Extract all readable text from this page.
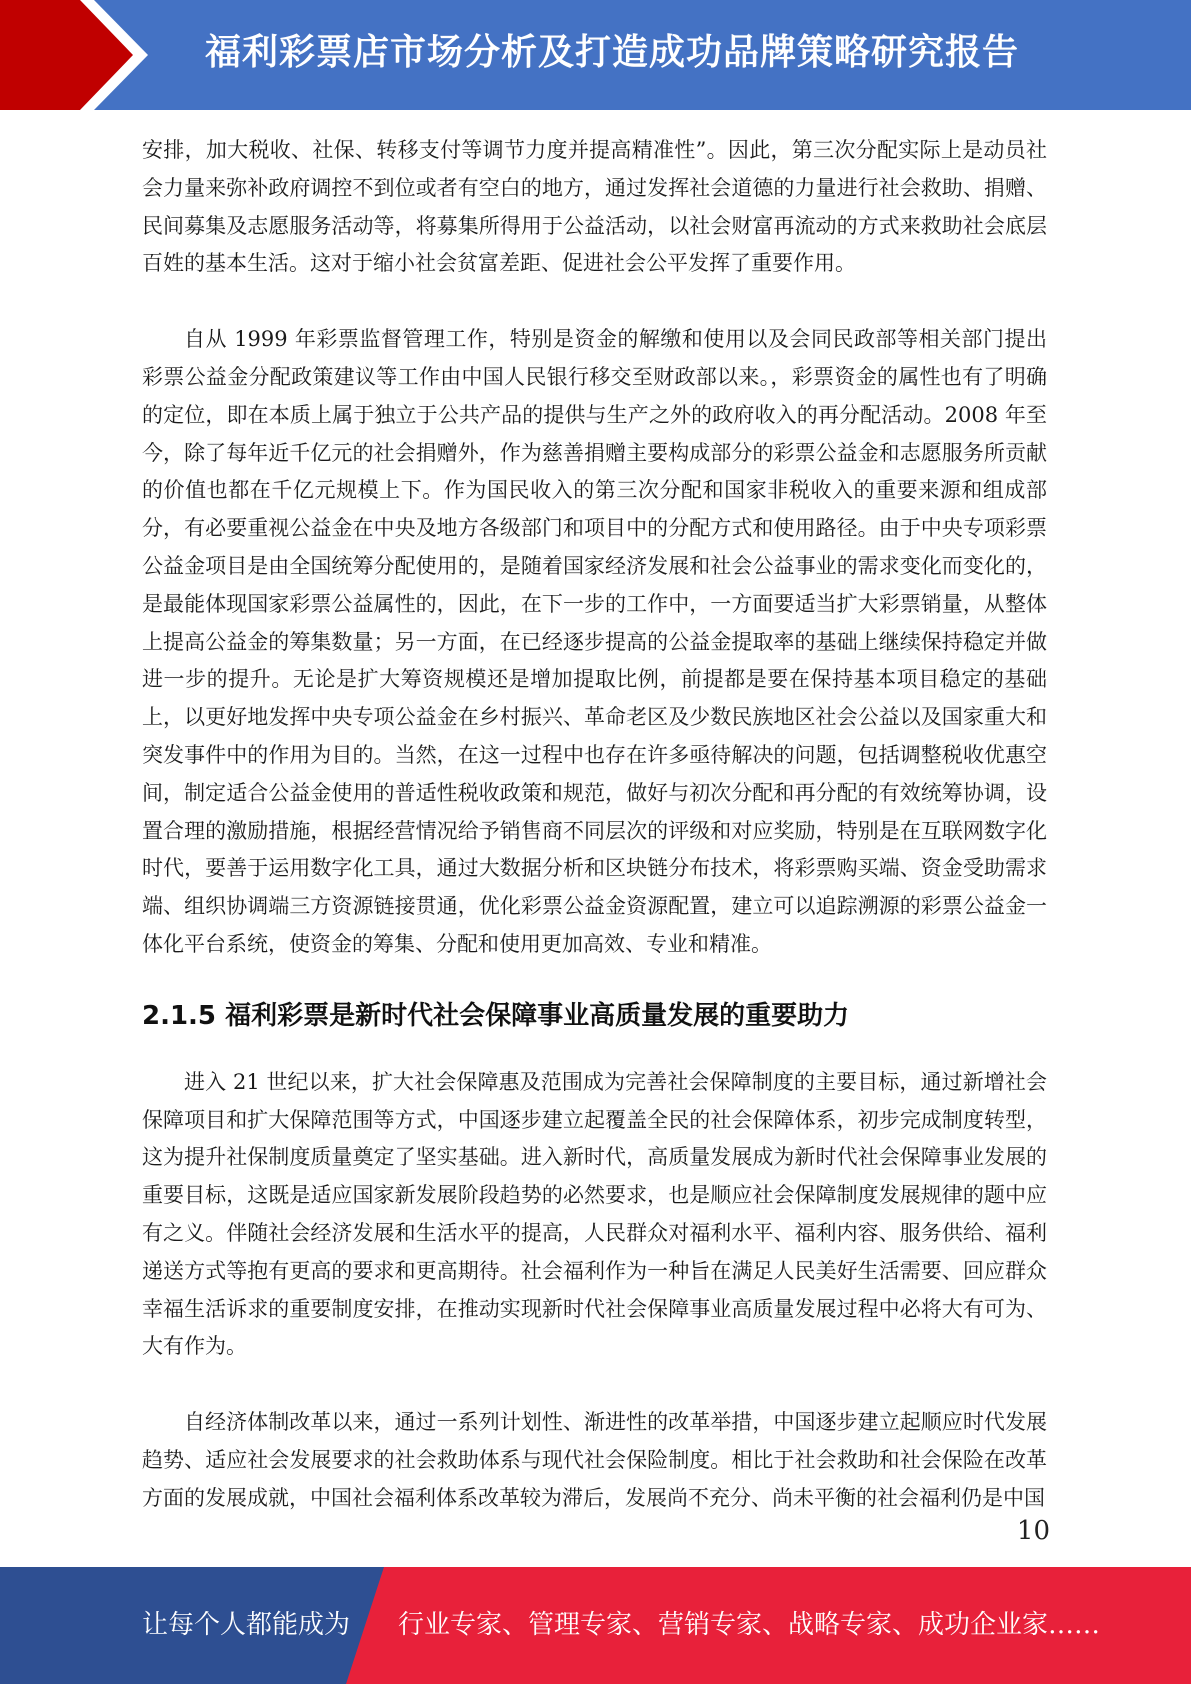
福利彩票店市场分析及打造成功品牌策略研究报告

安排，加大税收、社保、转移支付等调节力度并提高精准性”。因此，第三次分配实际上是动员社会力量来弥补政府调控不到位或者有空白的地方，通过发挥社会道德的力量进行社会救助、捐赠、民间募集及志愿服务活动等，将募集所得用于公益活动，以社会财富再流动的方式来救助社会底层百姓的基本生活。这对于缩小社会贫富差距、促进社会公平发挥了重要作用。

自从 1999 年彩票监督管理工作，特别是资金的解缴和使用以及会同民政部等相关部门提出彩票公益金分配政策建议等工作由中国人民银行移交至财政部以来。，彩票资金的属性也有了明确的定位，即在本质上属于独立于公共产品的提供与生产之外的政府收入的再分配活动。2008 年至今，除了每年近千亿元的社会捐赠外，作为慈善捐赠主要构成部分的彩票公益金和志愿服务所贡献的价值也都在千亿元规模上下。作为国民收入的第三次分配和国家非税收入的重要来源和组成部分，有必要重视公益金在中央及地方各级部门和项目中的分配方式和使用路径。由于中央专项彩票公益金项目是由全国统筹分配使用的，是随着国家经济发展和社会公益事业的需求变化而变化的，是最能体现国家彩票公益属性的，因此，在下一步的工作中，一方面要适当扩大彩票销量，从整体上提高公益金的筹集数量；另一方面，在已经逐步提高的公益金提取率的基础上继续保持稳定并做进一步的提升。无论是扩大筹资规模还是增加提取比例，前提都是要在保持基本项目稳定的基础上，以更好地发挥中央专项公益金在乡村振兴、革命老区及少数民族地区社会公益以及国家重大和突发事件中的作用为目的。当然，在这一过程中也存在许多亟待解决的问题，包括调整税收优惠空间，制定适合公益金使用的普适性税收政策和规范，做好与初次分配和再分配的有效统筹协调，设置合理的激励措施，根据经营情况给予销售商不同层次的评级和对应奖励，特别是在互联网数字化时代，要善于运用数字化工具，通过大数据分析和区块链分布技术，将彩票购买端、资金受助需求端、组织协调端三方资源链接贯通，优化彩票公益金资源配置，建立可以追踪溯源的彩票公益金一体化平台系统，使资金的筹集、分配和使用更加高效、专业和精准。

2.1.5 福利彩票是新时代社会保障事业高质量发展的重要助力

进入 21 世纪以来，扩大社会保障惠及范围成为完善社会保障制度的主要目标，通过新增社会保障项目和扩大保障范围等方式，中国逐步建立起覆盖全民的社会保障体系，初步完成制度转型，这为提升社保制度质量奠定了坚实基础。进入新时代，高质量发展成为新时代社会保障事业发展的重要目标，这既是适应国家新发展阶段趋势的必然要求，也是顺应社会保障制度发展规律的题中应有之义。伴随社会经济发展和生活水平的提高，人民群众对福利水平、福利内容、服务供给、福利递送方式等抱有更高的要求和更高期待。社会福利作为一种旨在满足人民美好生活需要、回应群众幸福生活诉求的重要制度安排，在推动实现新时代社会保障事业高质量发展过程中必将大有可为、大有作为。

自经济体制改革以来，通过一系列计划性、渐进性的改革举措，中国逐步建立起顺应时代发展趋势、适应社会发展要求的社会救助体系与现代社会保险制度。相比于社会救助和社会保险在改革方面的发展成就，中国社会福利体系改革较为滞后，发展尚不充分、尚未平衡的社会福利仍是中国

10
让每个人都能成为 行业专家、管理专家、营销专家、战略专家、成功企业家……
